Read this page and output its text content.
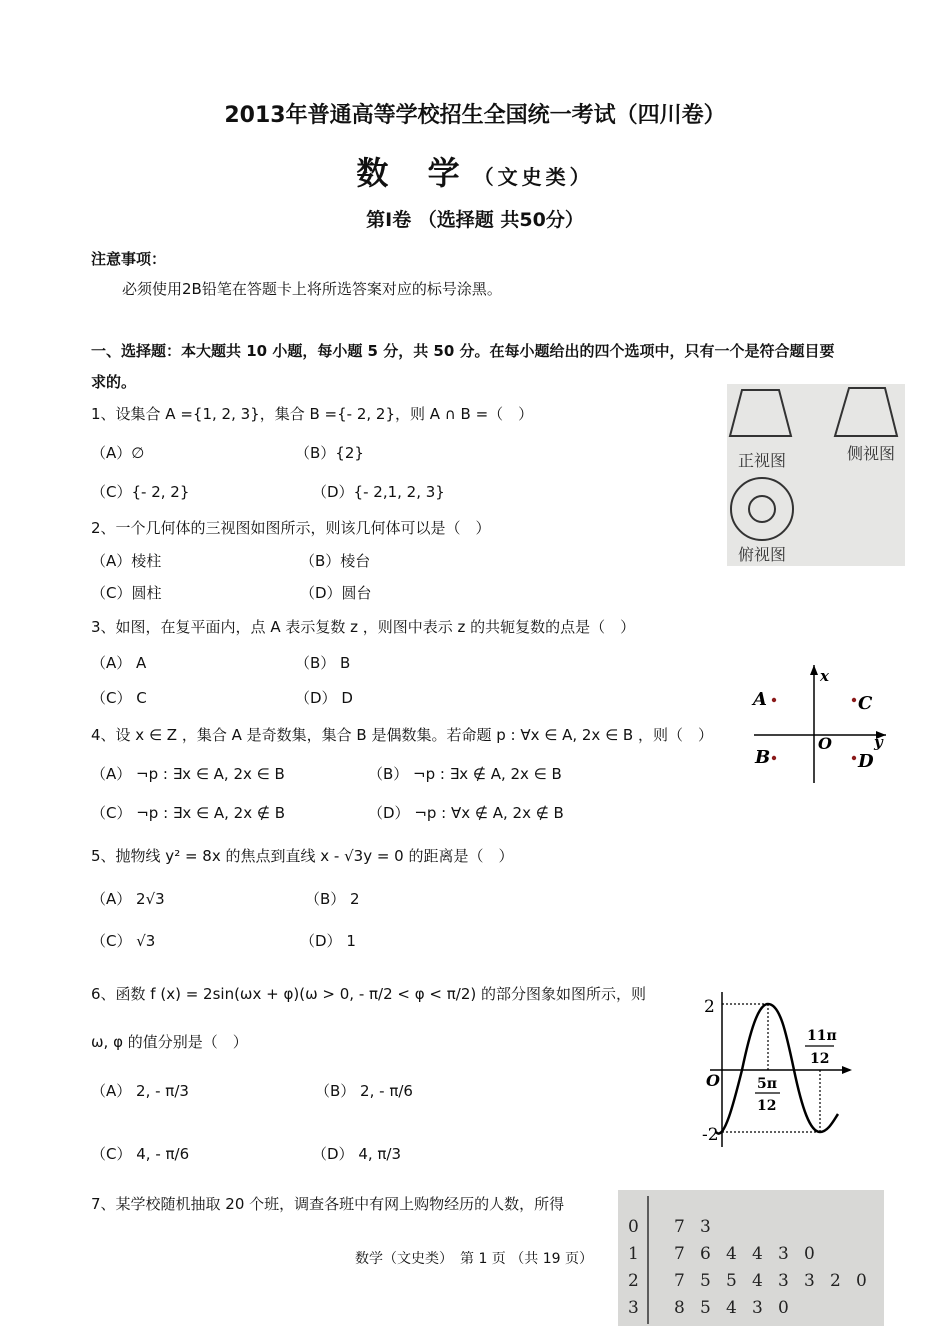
2013年普通高等学校招生全国统一考试（四川卷）
数 学（文史类）
第Ⅰ卷 （选择题 共50分）
注意事项：
必须使用2B铅笔在答题卡上将所选答案对应的标号涂黑。
一、选择题：本大题共 10 小题，每小题 5 分，共 50 分。在每小题给出的四个选项中，只有一个是符合题目要
求的。
1、设集合 A ={1, 2, 3}，集合 B ={- 2, 2}，则 A ∩ B =（　）
（A）∅	（B）{2}
（C）{- 2, 2}	（D）{- 2,1, 2, 3}
2、一个几何体的三视图如图所示，则该几何体可以是（　）
（A）棱柱	（B）棱台
（C）圆柱	（D）圆台
3、如图，在复平面内，点 A 表示复数 z ，则图中表示 z 的共轭复数的点是（　）
（A） A	（B） B
（C） C	（D） D
4、设 x ∈ Z ，集合 A 是奇数集，集合 B 是偶数集。若命题 p : ∀x ∈ A, 2x ∈ B ，则（　）
（A） ¬p : ∃x ∈ A, 2x ∈ B	（B） ¬p : ∃x ∉ A, 2x ∈ B
（C） ¬p : ∃x ∈ A, 2x ∉ B	（D） ¬p : ∀x ∉ A, 2x ∉ B
5、抛物线 y² = 8x 的焦点到直线 x - √3y = 0 的距离是（　）
（A） 2√3	（B） 2
（C） √3	（D） 1
6、函数 f (x) = 2sin(ωx + φ)(ω > 0, - π/2 < φ < π/2) 的部分图象如图所示，则
ω, φ 的值分别是（　）
（A） 2, - π/3	（B） 2, - π/6
（C） 4, - π/6	（D） 4, π/3
7、某学校随机抽取 20 个班，调查各班中有网上购物经历的人数，所得
数学（文史类）　第 1 页 （共 19 页）
正视图	侧视图
俯视图
x
y
O
A
B
C
D
2
-2
O	5π
12
11π
12
0 7 3
1 7 6 4 4 3 0
2 7 5 5 4 3 3 2 0
3 8 5 4 3 0
